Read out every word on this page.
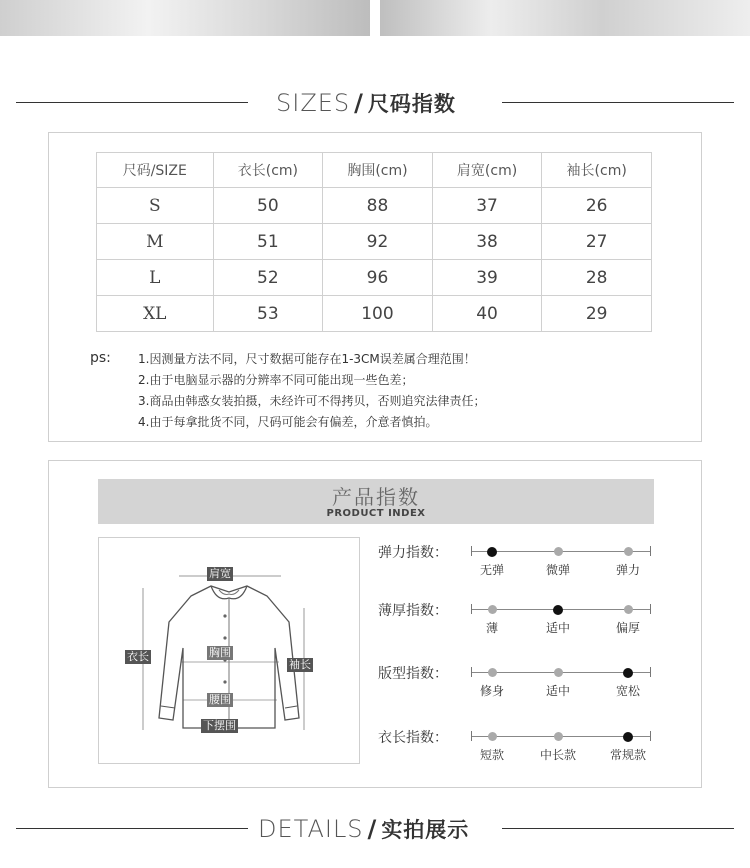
SIZES / 尺码指数
尺码/SIZE	衣长(cm)	胸围(cm)	肩宽(cm)	袖长(cm)
S	50	88	37	26
M	51	92	38	27
L	52	96	39	28
XL	53	100	40	29
ps: 1.因测量方法不同，尺寸数据可能存在1-3CM误差属合理范围！
2.由于电脑显示器的分辨率不同可能出现一些色差；
3.商品由韩惑女装拍摄，未经许可不得拷贝，否则追究法律责任；
4.由于每拿批货不同，尺码可能会有偏差，介意者慎拍。
产品指数
PRODUCT INDEX
肩宽
衣长	胸围
袖长
腰围
下摆围
弹力指数：
无弹	微弹	弹力
薄厚指数：
薄	适中	偏厚
版型指数：
修身	适中	宽松
衣长指数：
短款	中长款	常规款
DETAILS / 实拍展示
